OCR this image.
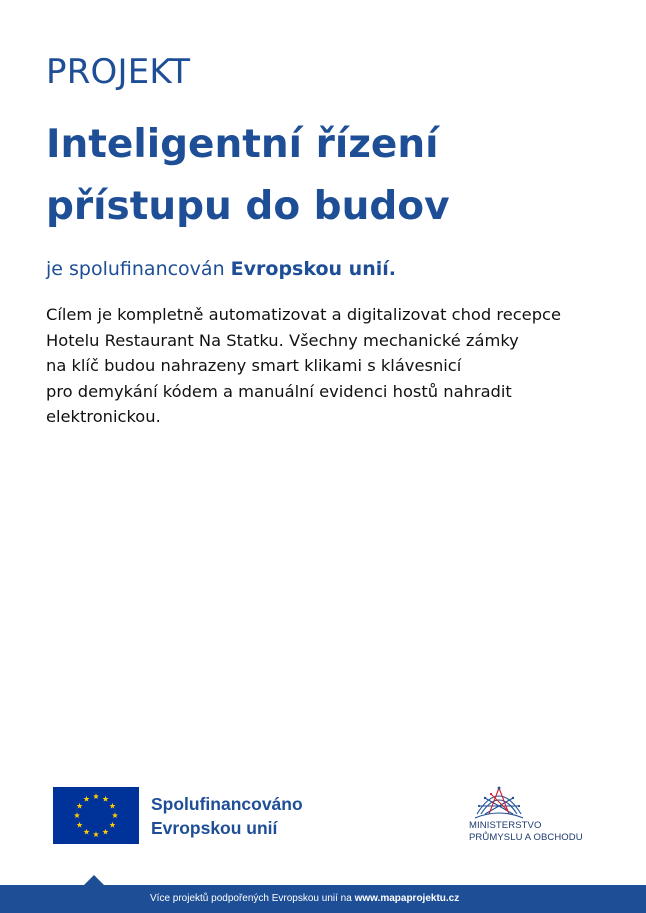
PROJEKT
Inteligentní řízení
přístupu do budov

je spolufinancován Evropskou unií.

Cílem je kompletně automatizovat a digitalizovat chod recepce
Hotelu Restaurant Na Statku. Všechny mechanické zámky
na klíč budou nahrazeny smart klikami s klávesnicí
pro demykání kódem a manuální evidenci hostů nahradit
elektronickou.

Spolufinancováno
Evropskou unií	MINISTERSTVO
PRŮMYSLU A OBCHODU
Více projektů podpořených Evropskou unií na www.mapaprojektu.cz
